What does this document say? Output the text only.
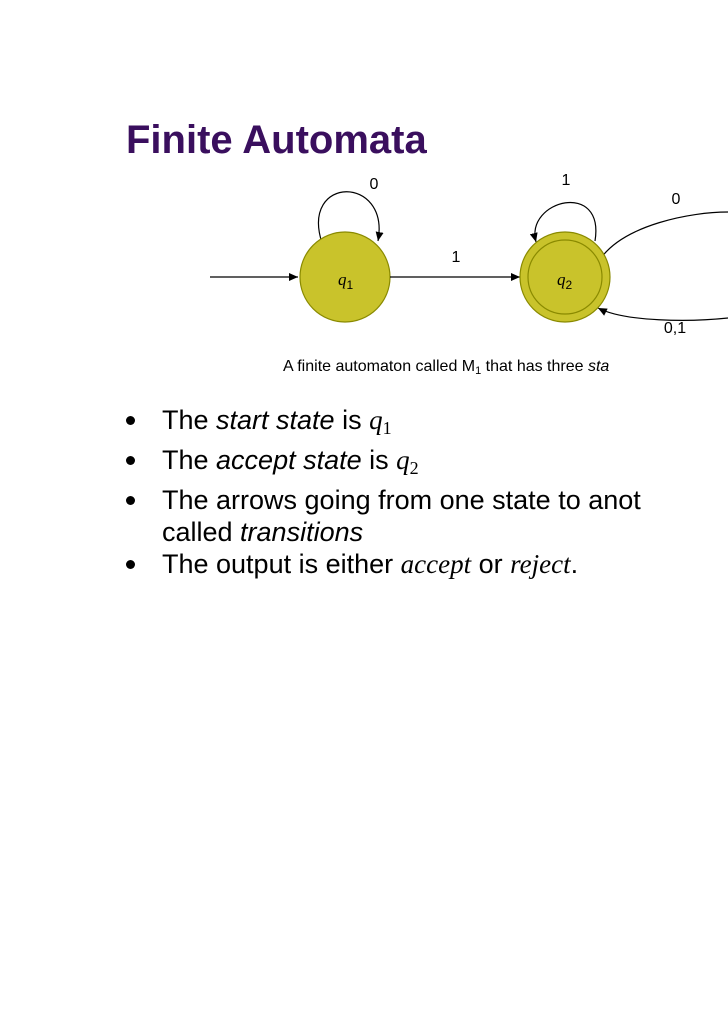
Finite Automata
0
$q_1$
1
1
0
0,1
$q_2$
A finite automaton called $M_1$ that has three sta
The start state is q1
The accept state is q2
The arrows going from one state to anot
called transitions
The output is either accept or reject.
